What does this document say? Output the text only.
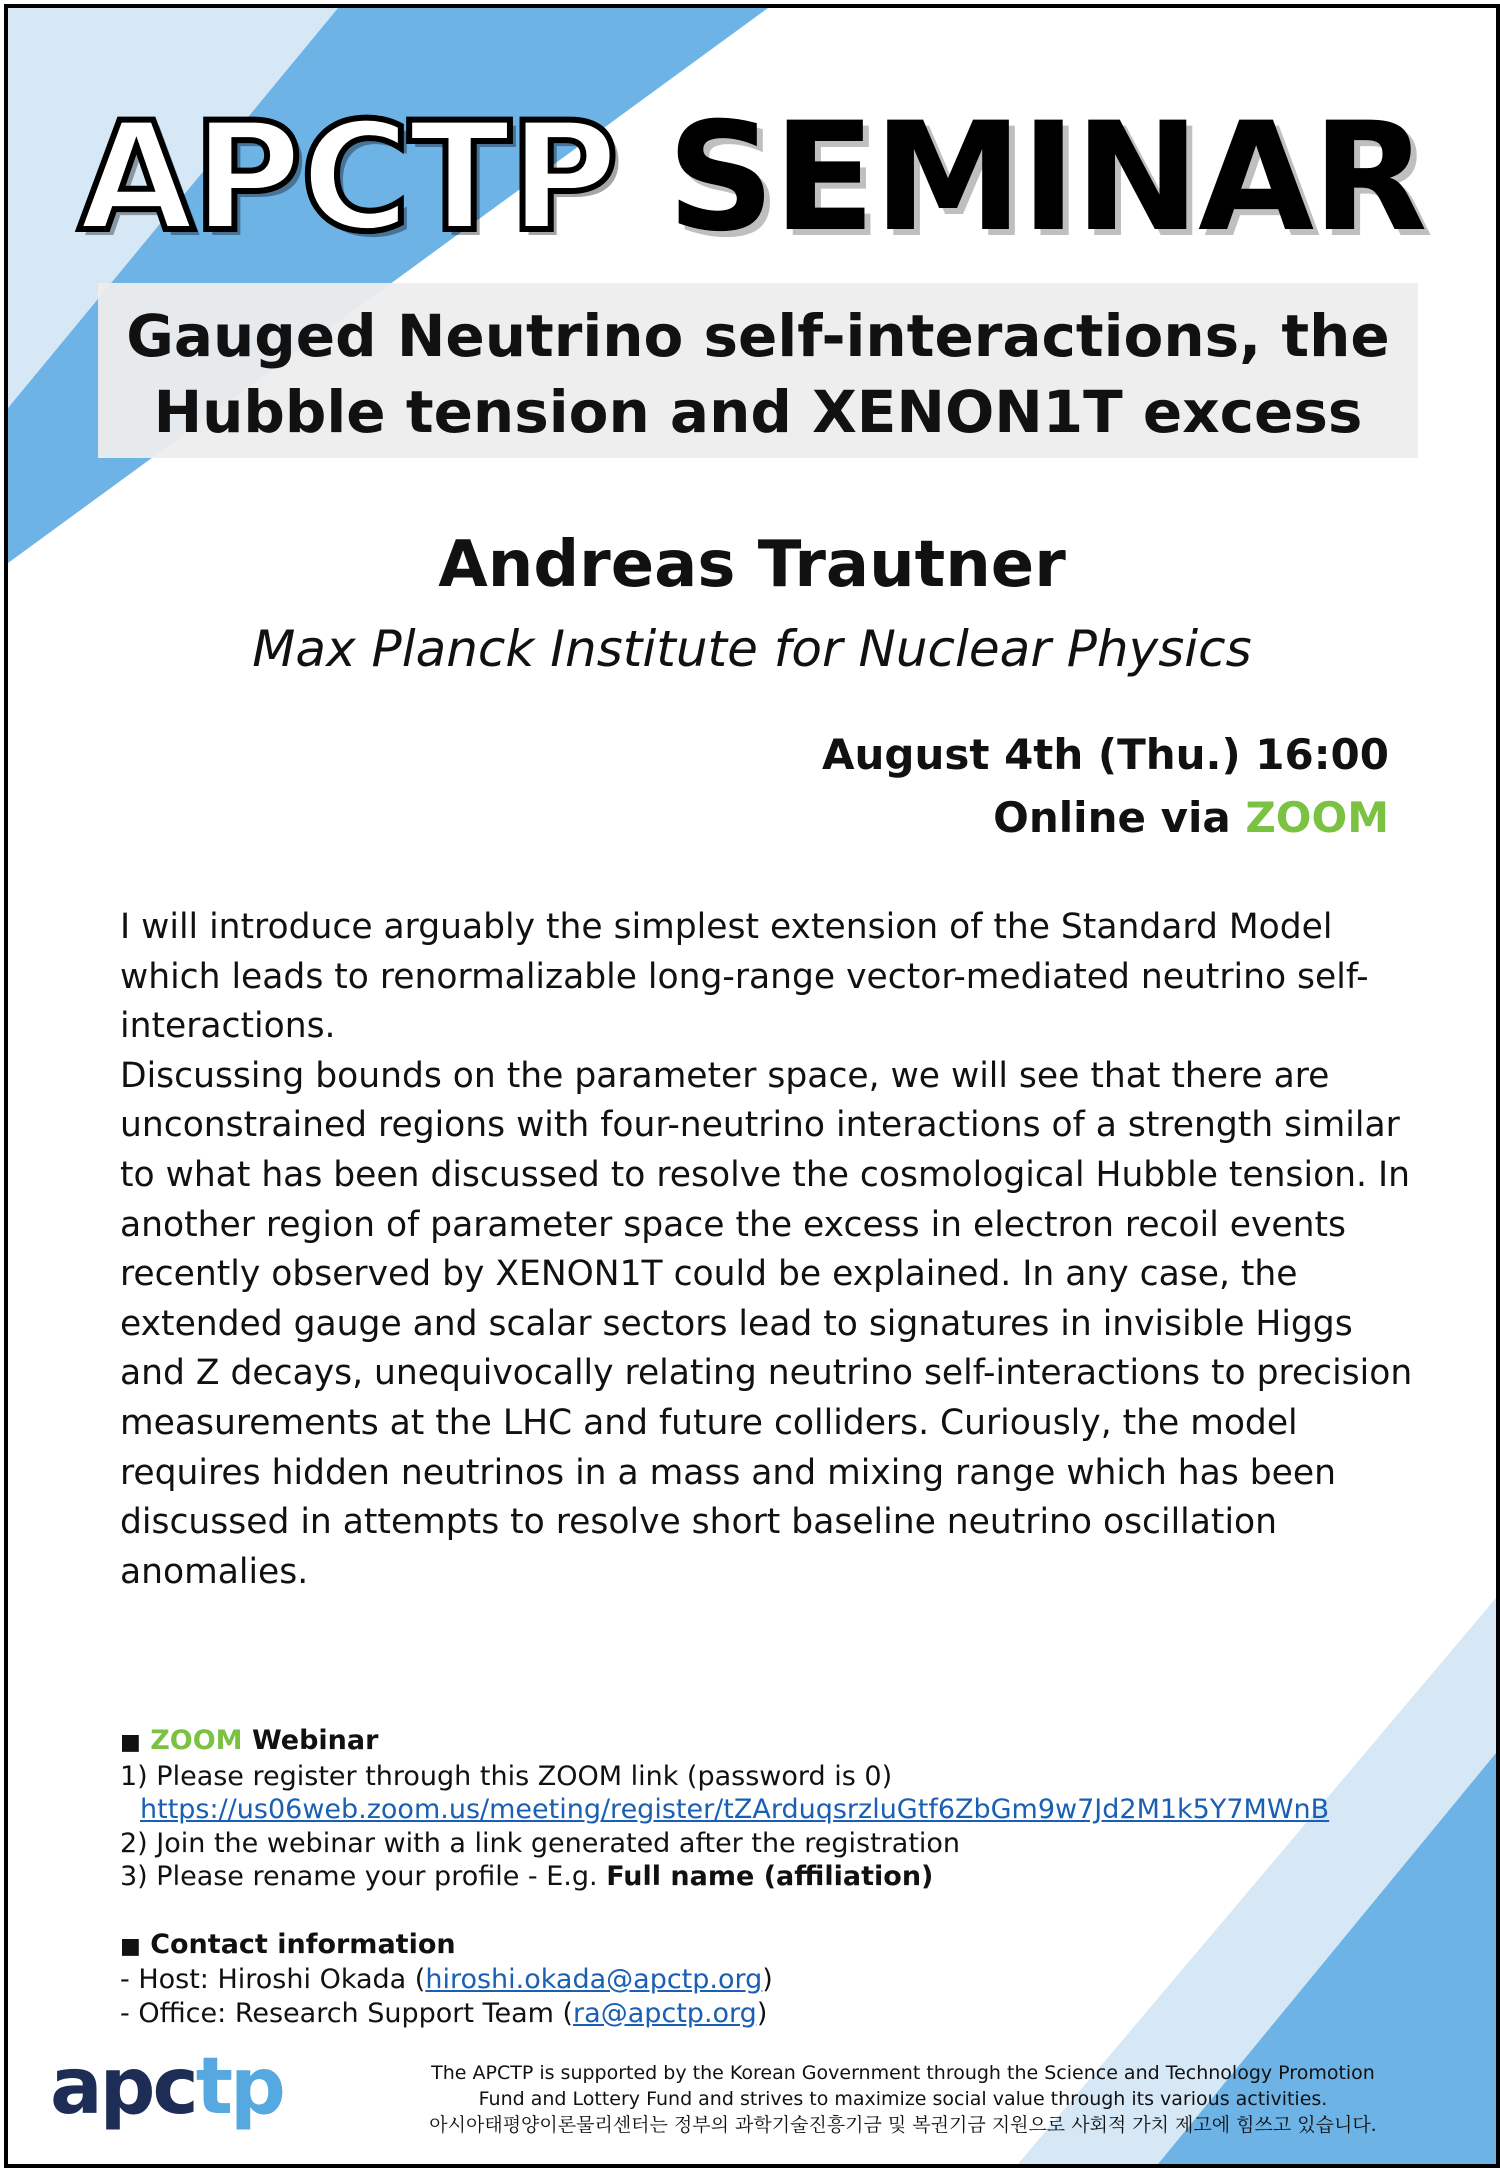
APCTP SEMINAR
Gauged Neutrino self-interactions, the
Hubble tension and XENON1T excess
Andreas Trautner
Max Planck Institute for Nuclear Physics
August 4th (Thu.) 16:00
Online via ZOOM

I will introduce arguably the simplest extension of the Standard Model which leads to renormalizable long-range vector-mediated neutrino self-interactions.

Discussing bounds on the parameter space, we will see that there are unconstrained regions with four-neutrino interactions of a strength similar to what has been discussed to resolve the cosmological Hubble tension. In another region of parameter space the excess in electron recoil events recently observed by XENON1T could be explained. In any case, the extended gauge and scalar sectors lead to signatures in invisible Higgs and Z decays, unequivocally relating neutrino self-interactions to precision measurements at the LHC and future colliders. Curiously, the model requires hidden neutrinos in a mass and mixing range which has been discussed in attempts to resolve short baseline neutrino oscillation anomalies.

■ ZOOM Webinar
1) Please register through this ZOOM link (password is 0)
https://us06web.zoom.us/meeting/register/tZArduqsrzluGtf6ZbGm9w7Jd2M1k5Y7MWnB
2) Join the webinar with a link generated after the registration
3) Please rename your profile - E.g. Full name (affiliation)
■ Contact information
- Host: Hiroshi Okada (hiroshi.okada@apctp.org)
- Office: Research Support Team (ra@apctp.org)
apctp	The APCTP is supported by the Korean Government through the Science and Technology Promotion
Fund and Lottery Fund and strives to maximize social value through its various activities.
아시아태평양이론물리센터는 정부의 과학기술진흥기금 및 복권기금 지원으로 사회적 가치 제고에 힘쓰고 있습니다.
